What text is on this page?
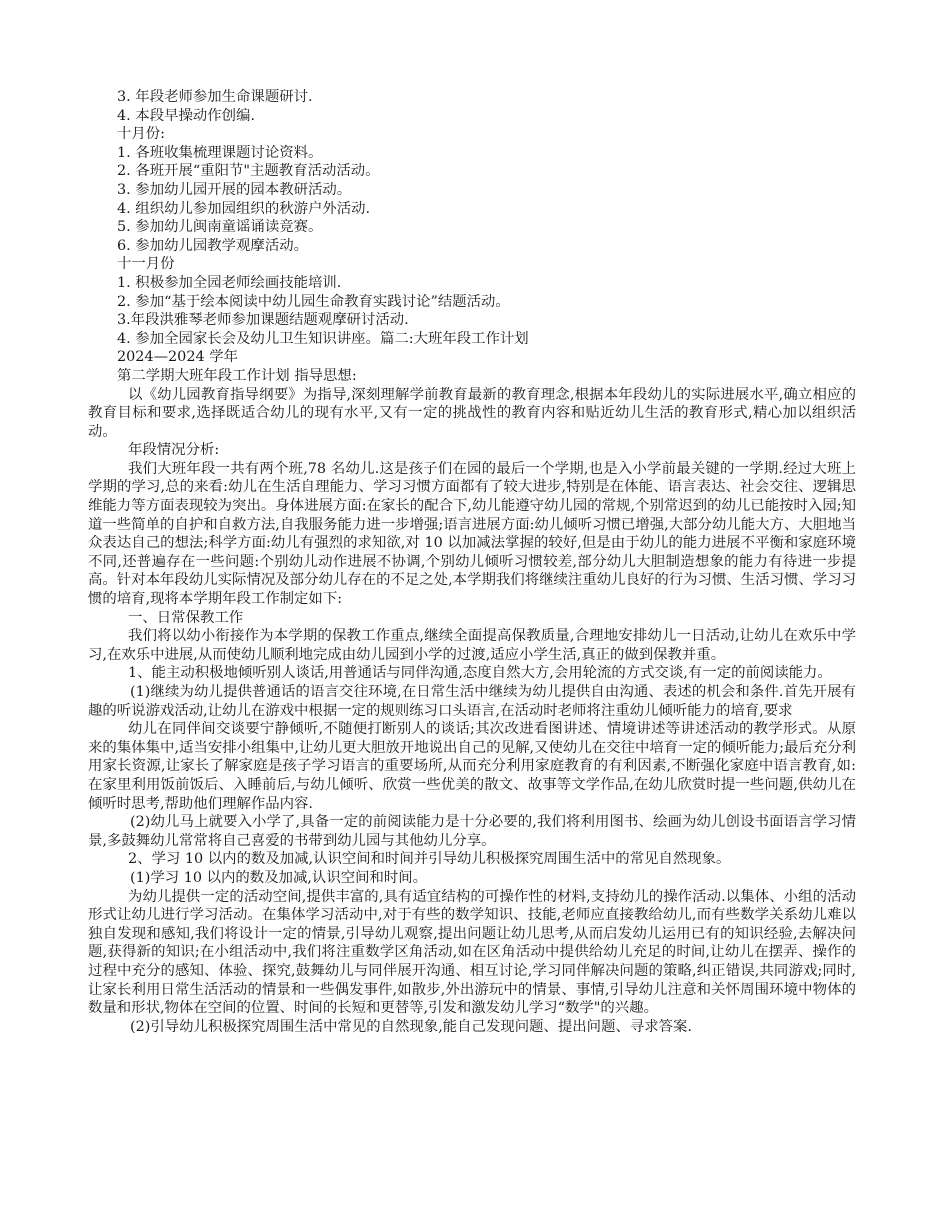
3. 年段老师参加生命课题研讨.
4. 本段早操动作创编.
十月份:
1. 各班收集梳理课题讨论资料。
2. 各班开展“重阳节"主题教育活动活动。
3. 参加幼儿园开展的园本教研活动。
4. 组织幼儿参加园组织的秋游户外活动.
5. 参加幼儿闽南童谣诵读竞赛。
6. 参加幼儿园教学观摩活动。
十一月份
1. 积极参加全园老师绘画技能培训.
2. 参加“基于绘本阅读中幼儿园生命教育实践讨论”结题活动。
3.年段洪雅琴老师参加课题结题观摩研讨活动.
4. 参加全园家长会及幼儿卫生知识讲座。篇二:大班年段工作计划
2024—2024 学年
第二学期大班年段工作计划 指导思想:

以《幼儿园教育指导纲要》为指导,深刻理解学前教育最新的教育理念,根据本年段幼儿的实际进展水平,确立相应的教育目标和要求,选择既适合幼儿的现有水平,又有一定的挑战性的教育内容和贴近幼儿生活的教育形式,精心加以组织活动。

年段情况分析:

我们大班年段一共有两个班,78 名幼儿.这是孩子们在园的最后一个学期,也是入小学前最关键的一学期.经过大班上学期的学习,总的来看:幼儿在生活自理能力、学习习惯方面都有了较大进步,特别是在体能、语言表达、社会交往、逻辑思维能力等方面表现较为突出。身体进展方面:在家长的配合下,幼儿能遵守幼儿园的常规,个别常迟到的幼儿已能按时入园;知道一些简单的自护和自救方法,自我服务能力进一步增强;语言进展方面:幼儿倾听习惯已增强,大部分幼儿能大方、大胆地当众表达自己的想法;科学方面:幼儿有强烈的求知欲,对 10 以加减法掌握的较好,但是由于幼儿的能力进展不平衡和家庭环境不同,还普遍存在一些问题:个别幼儿动作进展不协调,个别幼儿倾听习惯较差,部分幼儿大胆制造想象的能力有待进一步提高。针对本年段幼儿实际情况及部分幼儿存在的不足之处,本学期我们将继续注重幼儿良好的行为习惯、生活习惯、学习习惯的培育,现将本学期年段工作制定如下:

一、日常保教工作

我们将以幼小衔接作为本学期的保教工作重点,继续全面提高保教质量,合理地安排幼儿一日活动,让幼儿在欢乐中学习,在欢乐中进展,从而使幼儿顺利地完成由幼儿园到小学的过渡,适应小学生活,真正的做到保教并重。

1、能主动积极地倾听别人谈话,用普通话与同伴沟通,态度自然大方,会用轮流的方式交谈,有一定的前阅读能力。

(1)继续为幼儿提供普通话的语言交往环境,在日常生活中继续为幼儿提供自由沟通、表述的机会和条件.首先开展有趣的听说游戏活动,让幼儿在游戏中根据一定的规则练习口头语言,在活动时老师将注重幼儿倾听能力的培育,要求

幼儿在同伴间交谈要宁静倾听,不随便打断别人的谈话;其次改进看图讲述、情境讲述等讲述活动的教学形式。从原来的集体集中,适当安排小组集中,让幼儿更大胆放开地说出自己的见解,又使幼儿在交往中培育一定的倾听能力;最后充分利用家长资源,让家长了解家庭是孩子学习语言的重要场所,从而充分利用家庭教育的有利因素,不断强化家庭中语言教育,如:在家里利用饭前饭后、入睡前后,与幼儿倾听、欣赏一些优美的散文、故事等文学作品,在幼儿欣赏时提一些问题,供幼儿在倾听时思考,帮助他们理解作品内容.

(2)幼儿马上就要入小学了,具备一定的前阅读能力是十分必要的,我们将利用图书、绘画为幼儿创设书面语言学习情景,多鼓舞幼儿常常将自己喜爱的书带到幼儿园与其他幼儿分享。

2、学习 10 以内的数及加减,认识空间和时间并引导幼儿积极探究周围生活中的常见自然现象。

(1)学习 10 以内的数及加减,认识空间和时间。

为幼儿提供一定的活动空间,提供丰富的,具有适宜结构的可操作性的材料,支持幼儿的操作活动.以集体、小组的活动形式让幼儿进行学习活动。在集体学习活动中,对于有些的数学知识、技能,老师应直接教给幼儿,而有些数学关系幼儿难以独自发现和感知,我们将设计一定的情景,引导幼儿观察,提出问题让幼儿思考,从而启发幼儿运用已有的知识经验,去解决问题,获得新的知识;在小组活动中,我们将注重数学区角活动,如在区角活动中提供给幼儿充足的时间,让幼儿在摆弄、操作的过程中充分的感知、体验、探究,鼓舞幼儿与同伴展开沟通、相互讨论,学习同伴解决问题的策略,纠正错误,共同游戏;同时,让家长利用日常生活活动的情景和一些偶发事件,如散步,外出游玩中的情景、事情,引导幼儿注意和关怀周围环境中物体的数量和形状,物体在空间的位置、时间的长短和更替等,引发和激发幼儿学习“数学"的兴趣。

(2)引导幼儿积极探究周围生活中常见的自然现象,能自己发现问题、提出问题、寻求答案.
